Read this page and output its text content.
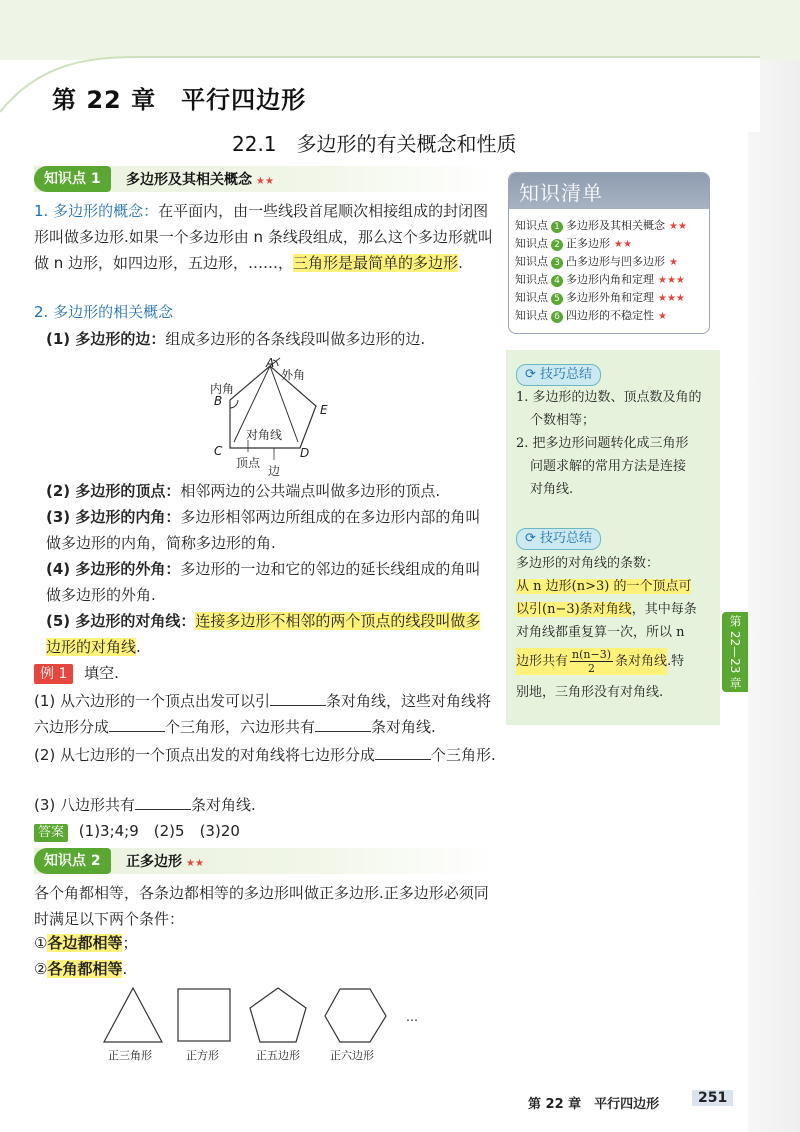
第 22 章　平行四边形
22.1　多边形的有关概念和性质
知识点 1	多边形及其相关概念 ★★
1. 多边形的概念：在平面内，由一些线段首尾顺次相接组成的封闭图形叫做多边形.如果一个多边形由 n 条线段组成，那么这个多边形就叫做 n 边形，如四边形，五边形，……，三角形是最简单的多边形.
2. 多边形的相关概念
(1) 多边形的边：组成多边形的各条线段叫做多边形的边.
A
外角
内角
B
E
对角线
C	D
顶点
边
(2) 多边形的顶点：相邻两边的公共端点叫做多边形的顶点.
(3) 多边形的内角：多边形相邻两边所组成的在多边形内部的角叫做多边形的内角，简称多边形的角.
(4) 多边形的外角：多边形的一边和它的邻边的延长线组成的角叫做多边形的外角.
(5) 多边形的对角线：连接多边形不相邻的两个顶点的线段叫做多边形的对角线.
例 1 填空.
(1) 从六边形的一个顶点出发可以引	条对角线，这些对角线将六边形分成	个三角形，六边形共有	条对角线.
(2) 从七边形的一个顶点出发的对角线将七边形分成	个三角形.
(3) 八边形共有	条对角线.
答案 (1)3;4;9　(2)5　(3)20
知识点 2	正多边形 ★★
各个角都相等，各条边都相等的多边形叫做正多边形.正多边形必须同时满足以下两个条件：
①各边都相等；
②各角都相等.
…
正三角形	正方形	正五边形	正六边形
知识清单
知识点 1 多边形及其相关概念 ★★
知识点 2 正多边形 ★★
知识点 3 凸多边形与凹多边形 ★
知识点 4 多边形内角和定理 ★★★
知识点 5 多边形外角和定理 ★★★
知识点 6 四边形的不稳定性 ★
⟳ 技巧总结
1. 多边形的边数、顶点数及角的
个数相等；
2. 把多边形问题转化成三角形
问题求解的常用方法是连接
对角线.
⟳ 技巧总结
多边形的对角线的条数：
从 n 边形(n>3) 的一个顶点可
以引(n−3)条对角线，其中每条
对角线都重复算一次，所以 n
边形共有 n(n−3)
2 条对角线 .特
别地，三角形没有对角线.
第 22—23 章
第 22 章　平行四边形	251
